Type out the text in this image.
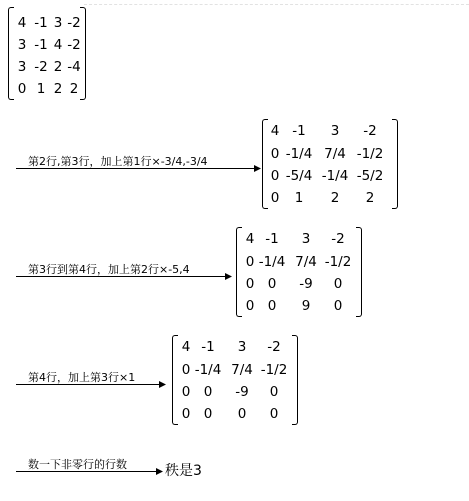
4 -1 3 -2
3 -1 4 -2
3 -2 2 -4
0 1 2 2
第2行,第3行，加上第1行×-3/4,-3/4
4 -1 3 -2
0 -1/4 7/4 -1/2
0 -5/4 -1/4 -5/2
0 1 2 2
第3行到第4行，加上第2行×-5,4
4 -1 3 -2
0 -1/4 7/4 -1/2
0 0 -9 0
0 0 9 0
第4行，加上第3行×1
4 -1 3 -2
0 -1/4 7/4 -1/2
0 0 -9 0
0 0 0 0
数一下非零行的行数	秩是3
